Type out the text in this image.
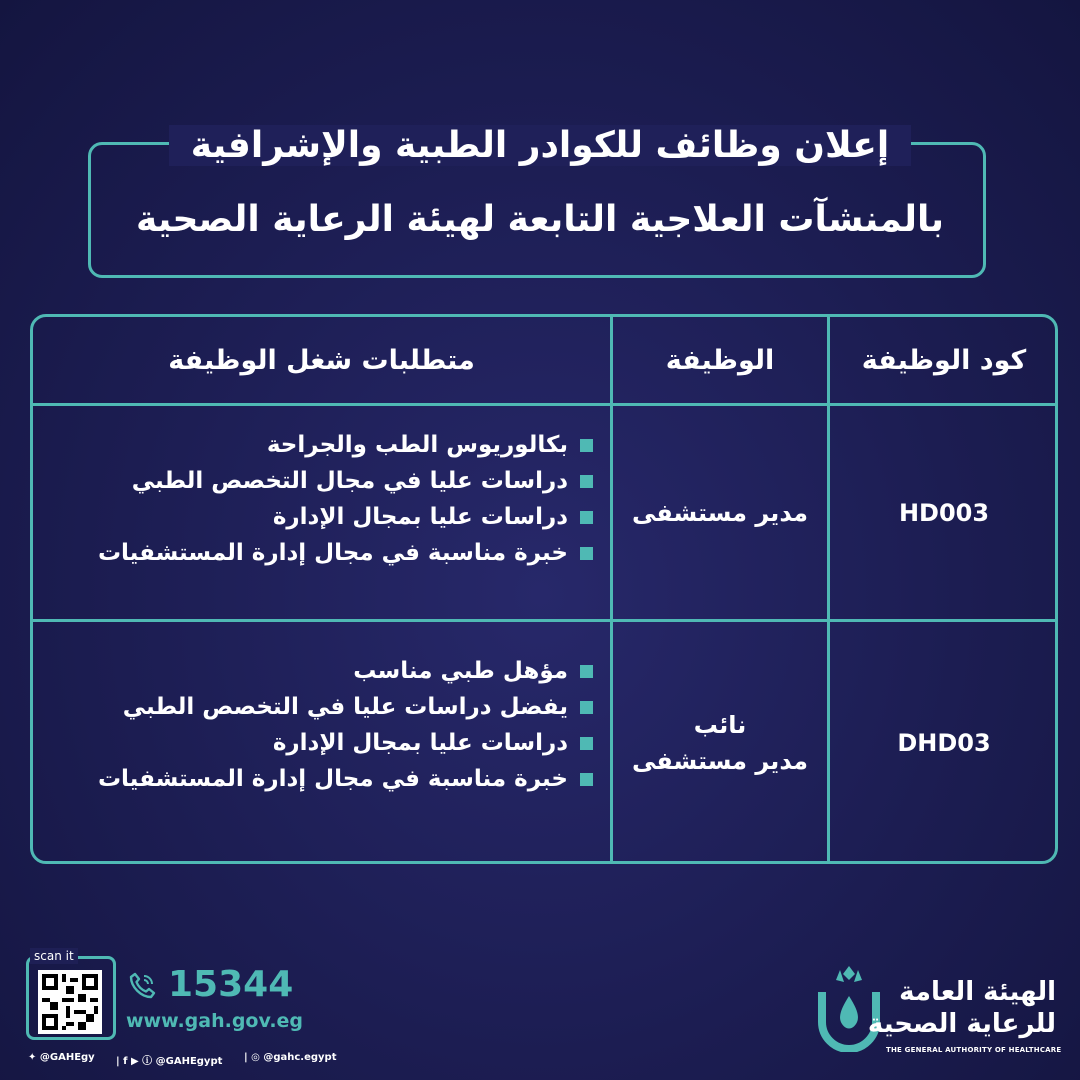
إعلان وظائف للكوادر الطبية والإشرافية
بالمنشآت العلاجية التابعة لهيئة الرعاية الصحية
كود الوظيفة
الوظيفة
متطلبات شغل الوظيفة
HD003
مدير مستشفى
بكالوريوس الطب والجراحة
دراسات عليا في مجال التخصص الطبي
دراسات عليا بمجال الإدارة
خبرة مناسبة في مجال إدارة المستشفيات
DHD03
نائب
مدير مستشفى
مؤهل طبي مناسب
يفضل دراسات عليا في التخصص الطبي
دراسات عليا بمجال الإدارة
خبرة مناسبة في مجال إدارة المستشفيات
scan it
15344
www.gah.gov.eg
✦ @GAHEgy | f ▶ ⓘ @GAHEgypt | ◎ @gahc.egypt
الهيئة العامة
للرعاية الصحية
THE GENERAL AUTHORITY OF HEALTHCARE
